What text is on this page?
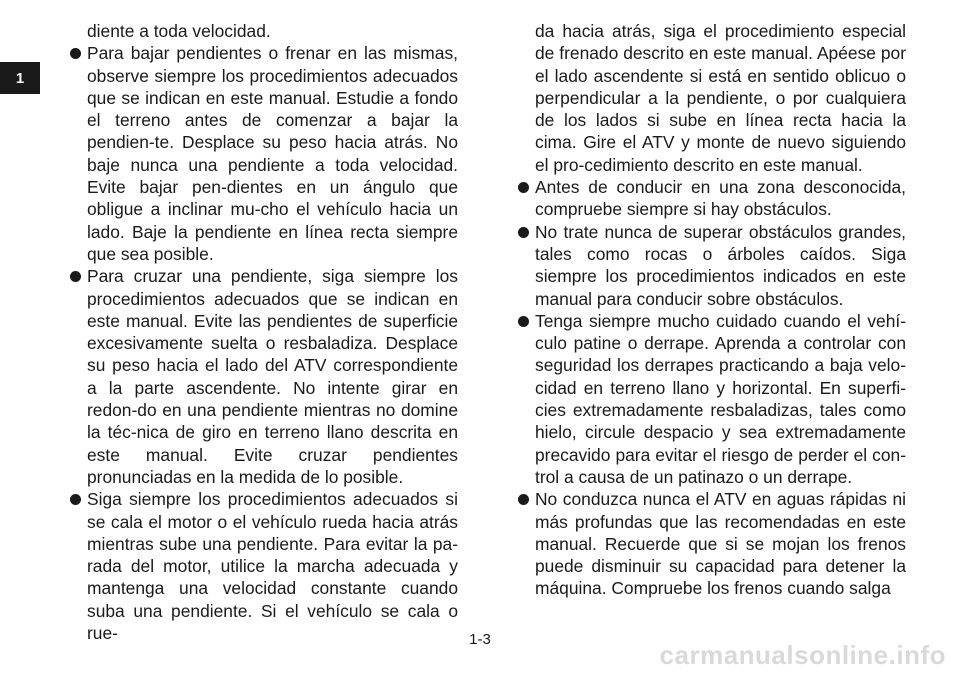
1

diente a toda velocidad.

Para bajar pendientes o frenar en las mismas, observe siempre los procedimientos adecuados que se indican en este manual. Estudie a fondo el terreno antes de comenzar a bajar la pendien-te. Desplace su peso hacia atrás. No baje nunca una pendiente a toda velocidad. Evite bajar pen-dientes en un ángulo que obligue a inclinar mu-cho el vehículo hacia un lado. Baje la pendiente en línea recta siempre que sea posible.

Para cruzar una pendiente, siga siempre los procedimientos adecuados que se indican en este manual. Evite las pendientes de superficie excesivamente suelta o resbaladiza. Desplace su peso hacia el lado del ATV correspondiente a la parte ascendente. No intente girar en redon-do en una pendiente mientras no domine la téc-nica de giro en terreno llano descrita en este manual. Evite cruzar pendientes pronunciadas en la medida de lo posible.

Siga siempre los procedimientos adecuados si se cala el motor o el vehículo rueda hacia atrás mientras sube una pendiente. Para evitar la pa-rada del motor, utilice la marcha adecuada y mantenga una velocidad constante cuando suba una pendiente. Si el vehículo se cala o rue-

da hacia atrás, siga el procedimiento especial de frenado descrito en este manual. Apéese por el lado ascendente si está en sentido oblicuo o perpendicular a la pendiente, o por cualquiera de los lados si sube en línea recta hacia la cima. Gire el ATV y monte de nuevo siguiendo el pro-cedimiento descrito en este manual.

Antes de conducir en una zona desconocida, compruebe siempre si hay obstáculos.

No trate nunca de superar obstáculos grandes, tales como rocas o árboles caídos. Siga siempre los procedimientos indicados en este manual para conducir sobre obstáculos.

Tenga siempre mucho cuidado cuando el vehí-culo patine o derrape. Aprenda a controlar con seguridad los derrapes practicando a baja velo-cidad en terreno llano y horizontal. En superfi-cies extremadamente resbaladizas, tales como hielo, circule despacio y sea extremadamente precavido para evitar el riesgo de perder el con-trol a causa de un patinazo o un derrape.

No conduzca nunca el ATV en aguas rápidas ni más profundas que las recomendadas en este manual. Recuerde que si se mojan los frenos puede disminuir su capacidad para detener la máquina. Compruebe los frenos cuando salga

1-3
carmanualsonline.info
